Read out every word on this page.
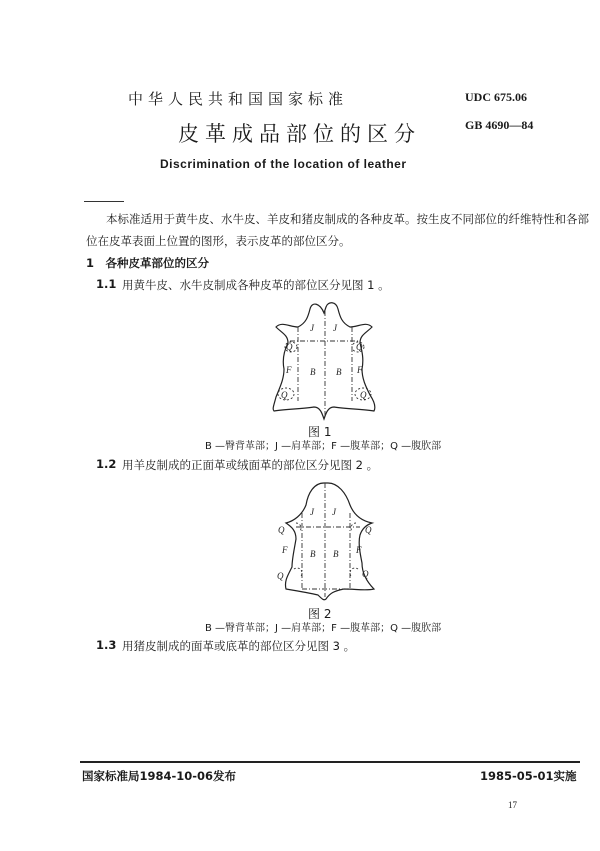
中华人民共和国国家标准	UDC 675.06
皮革成品部位的区分	GB 4690—84
Discrimination of the location of leather
本标准适用于黄牛皮、水牛皮、羊皮和猪皮制成的各种皮革。按生皮不同部位的纤维特性和各部
位在皮革表面上位置的图形，表示皮革的部位区分。
1　各种皮革部位的区分
1.1 用黄牛皮、水牛皮制成各种皮革的部位区分见图 1 。
J J
Q	Q
F B B F
Q	Q
图 1
B —臀背革部；J —肩革部；F —腹革部；Q —腹肷部
1.2 用羊皮制成的正面革或绒面革的部位区分见图 2 。
J J
Q	Q
F	B B F
Q	Q
图 2
B —臀背革部；J —肩革部；F —腹革部；Q —腹肷部
1.3 用猪皮制成的面革或底革的部位区分见图 3 。
国家标准局1984-10-06发布	1985-05-01实施
17
